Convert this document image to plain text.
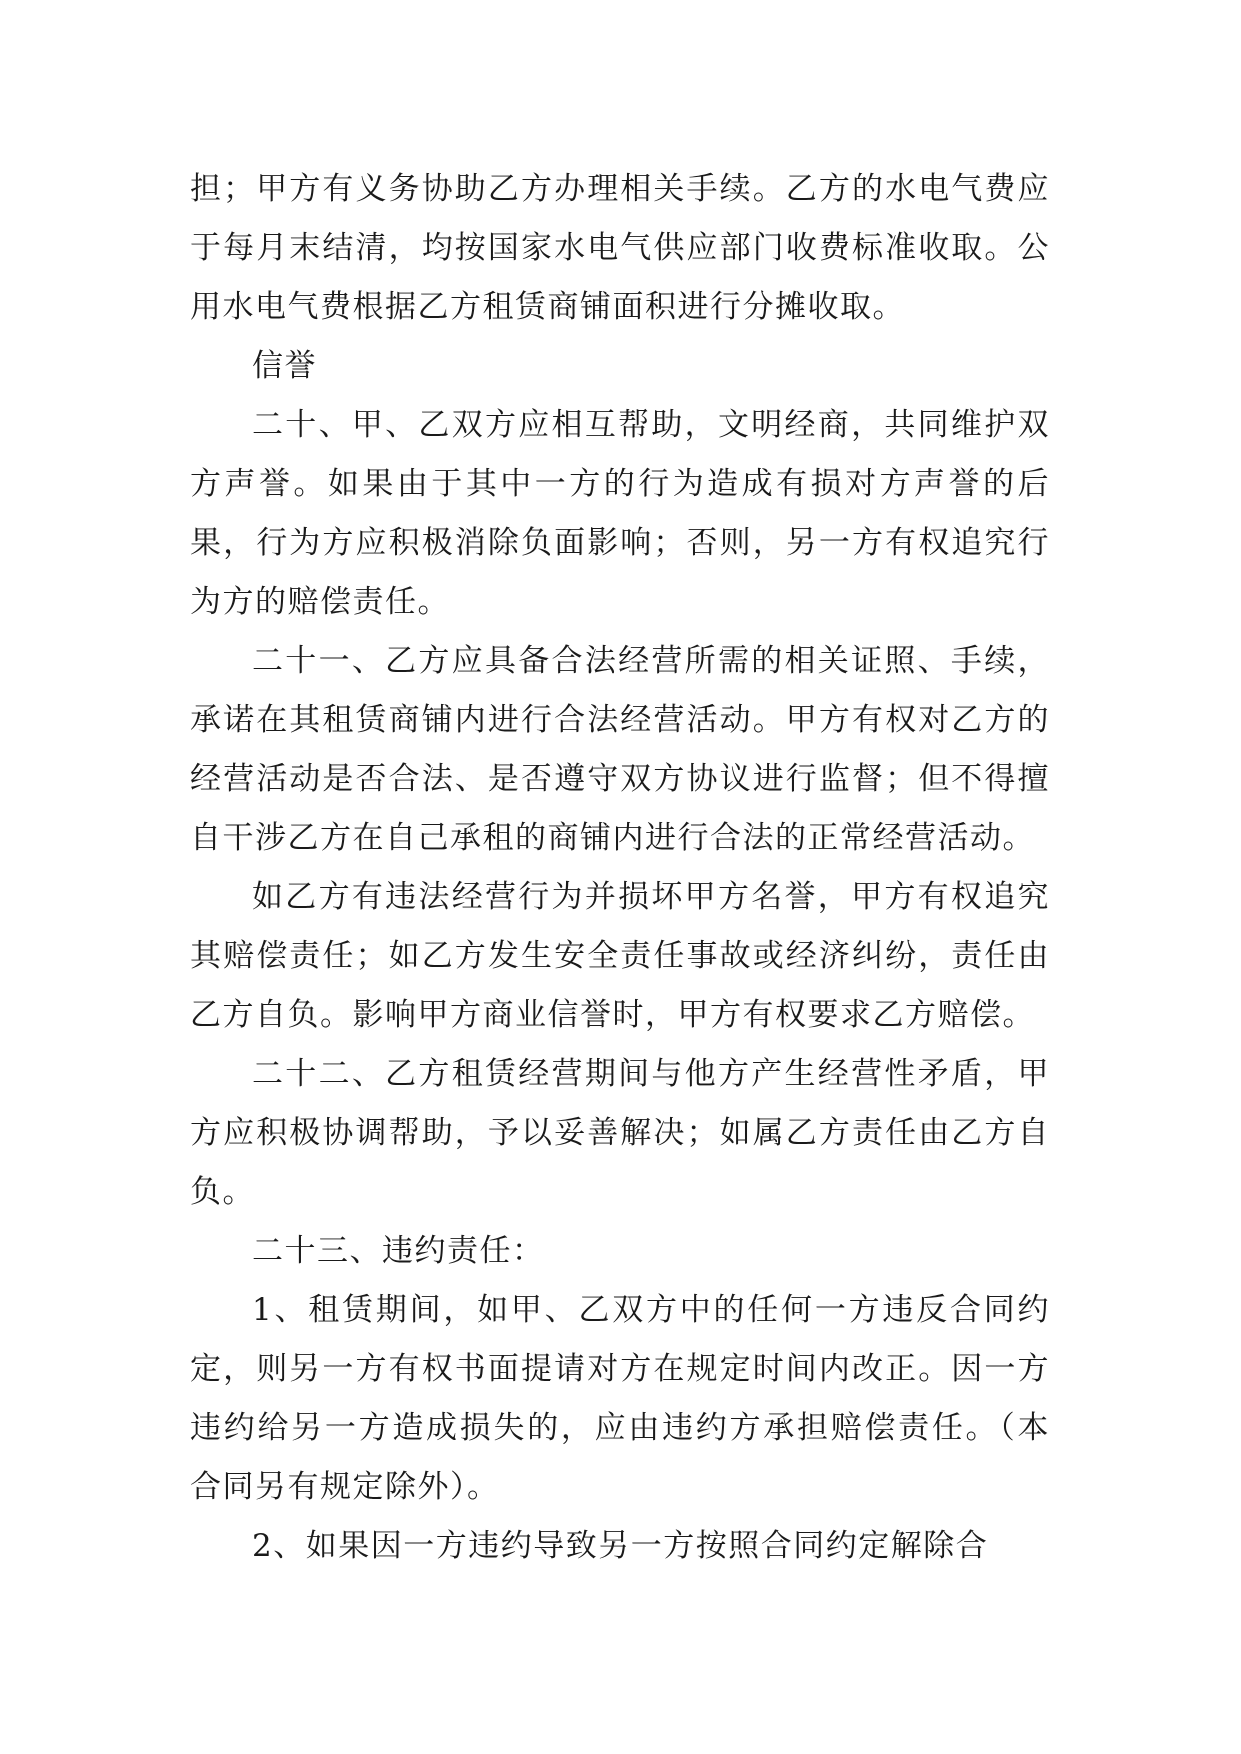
担；甲方有义务协助乙方办理相关手续。乙方的水电气费应于每月末结清，均按国家水电气供应部门收费标准收取。公用水电气费根据乙方租赁商铺面积进行分摊收取。

信誉

二十、甲、乙双方应相互帮助，文明经商，共同维护双方声誉。如果由于其中一方的行为造成有损对方声誉的后果，行为方应积极消除负面影响；否则，另一方有权追究行为方的赔偿责任。

二十一、乙方应具备合法经营所需的相关证照、手续，承诺在其租赁商铺内进行合法经营活动。甲方有权对乙方的经营活动是否合法、是否遵守双方协议进行监督；但不得擅自干涉乙方在自己承租的商铺内进行合法的正常经营活动。

如乙方有违法经营行为并损坏甲方名誉，甲方有权追究其赔偿责任；如乙方发生安全责任事故或经济纠纷，责任由乙方自负。影响甲方商业信誉时，甲方有权要求乙方赔偿。

二十二、乙方租赁经营期间与他方产生经营性矛盾，甲方应积极协调帮助，予以妥善解决；如属乙方责任由乙方自负。

二十三、违约责任：

1、租赁期间，如甲、乙双方中的任何一方违反合同约定，则另一方有权书面提请对方在规定时间内改正。因一方违约给另一方造成损失的，应由违约方承担赔偿责任。（本合同另有规定除外）。

2、如果因一方违约导致另一方按照合同约定解除合
